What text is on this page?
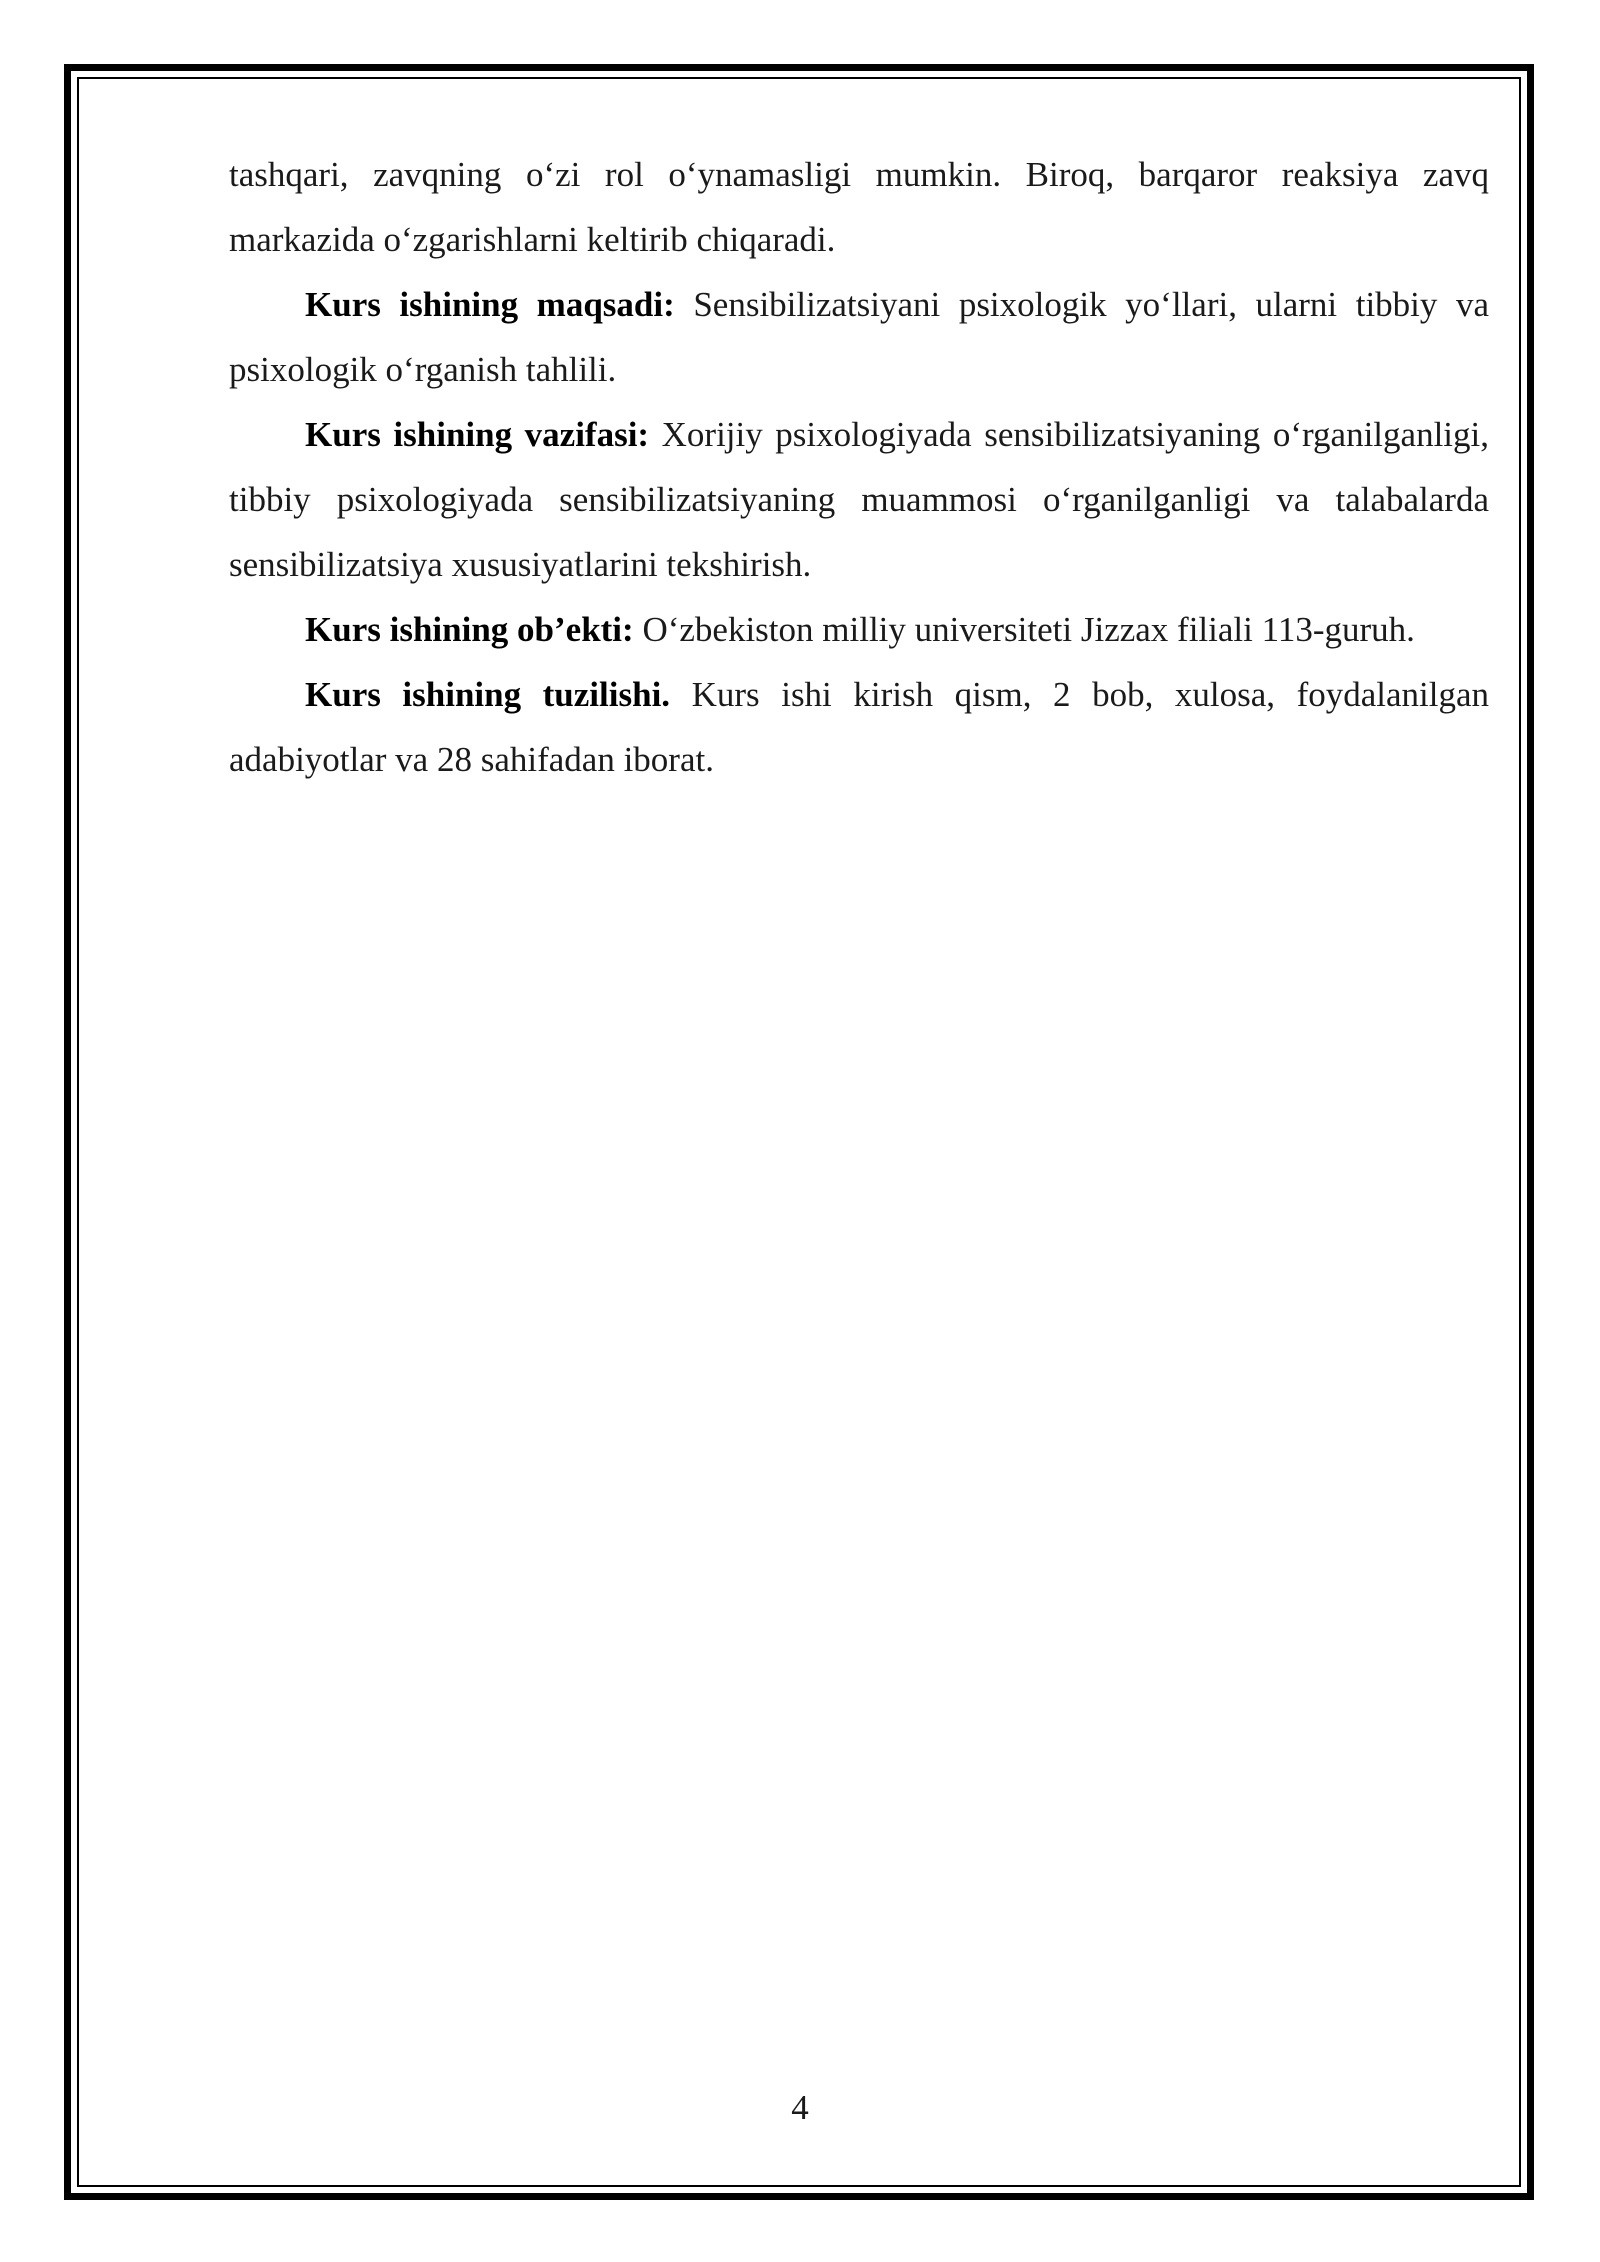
tashqari, zavqning o‘zi rol o‘ynamasligi mumkin. Biroq, barqaror reaksiya zavq markazida o‘zgarishlarni keltirib chiqaradi.

Kurs ishining maqsadi: Sensibilizatsiyani psixologik yo‘llari, ularni tibbiy va psixologik o‘rganish tahlili.

Kurs ishining vazifasi: Xorijiy psixologiyada sensibilizatsiyaning o‘rganilganligi, tibbiy psixologiyada sensibilizatsiyaning muammosi o‘rganilganligi va talabalarda sensibilizatsiya xususiyatlarini tekshirish.

Kurs ishining ob’ekti: O‘zbekiston milliy universiteti Jizzax filiali 113-guruh.

Kurs ishining tuzilishi. Kurs ishi kirish qism, 2 bob, xulosa, foydalanilgan adabiyotlar va 28 sahifadan iborat.

4
